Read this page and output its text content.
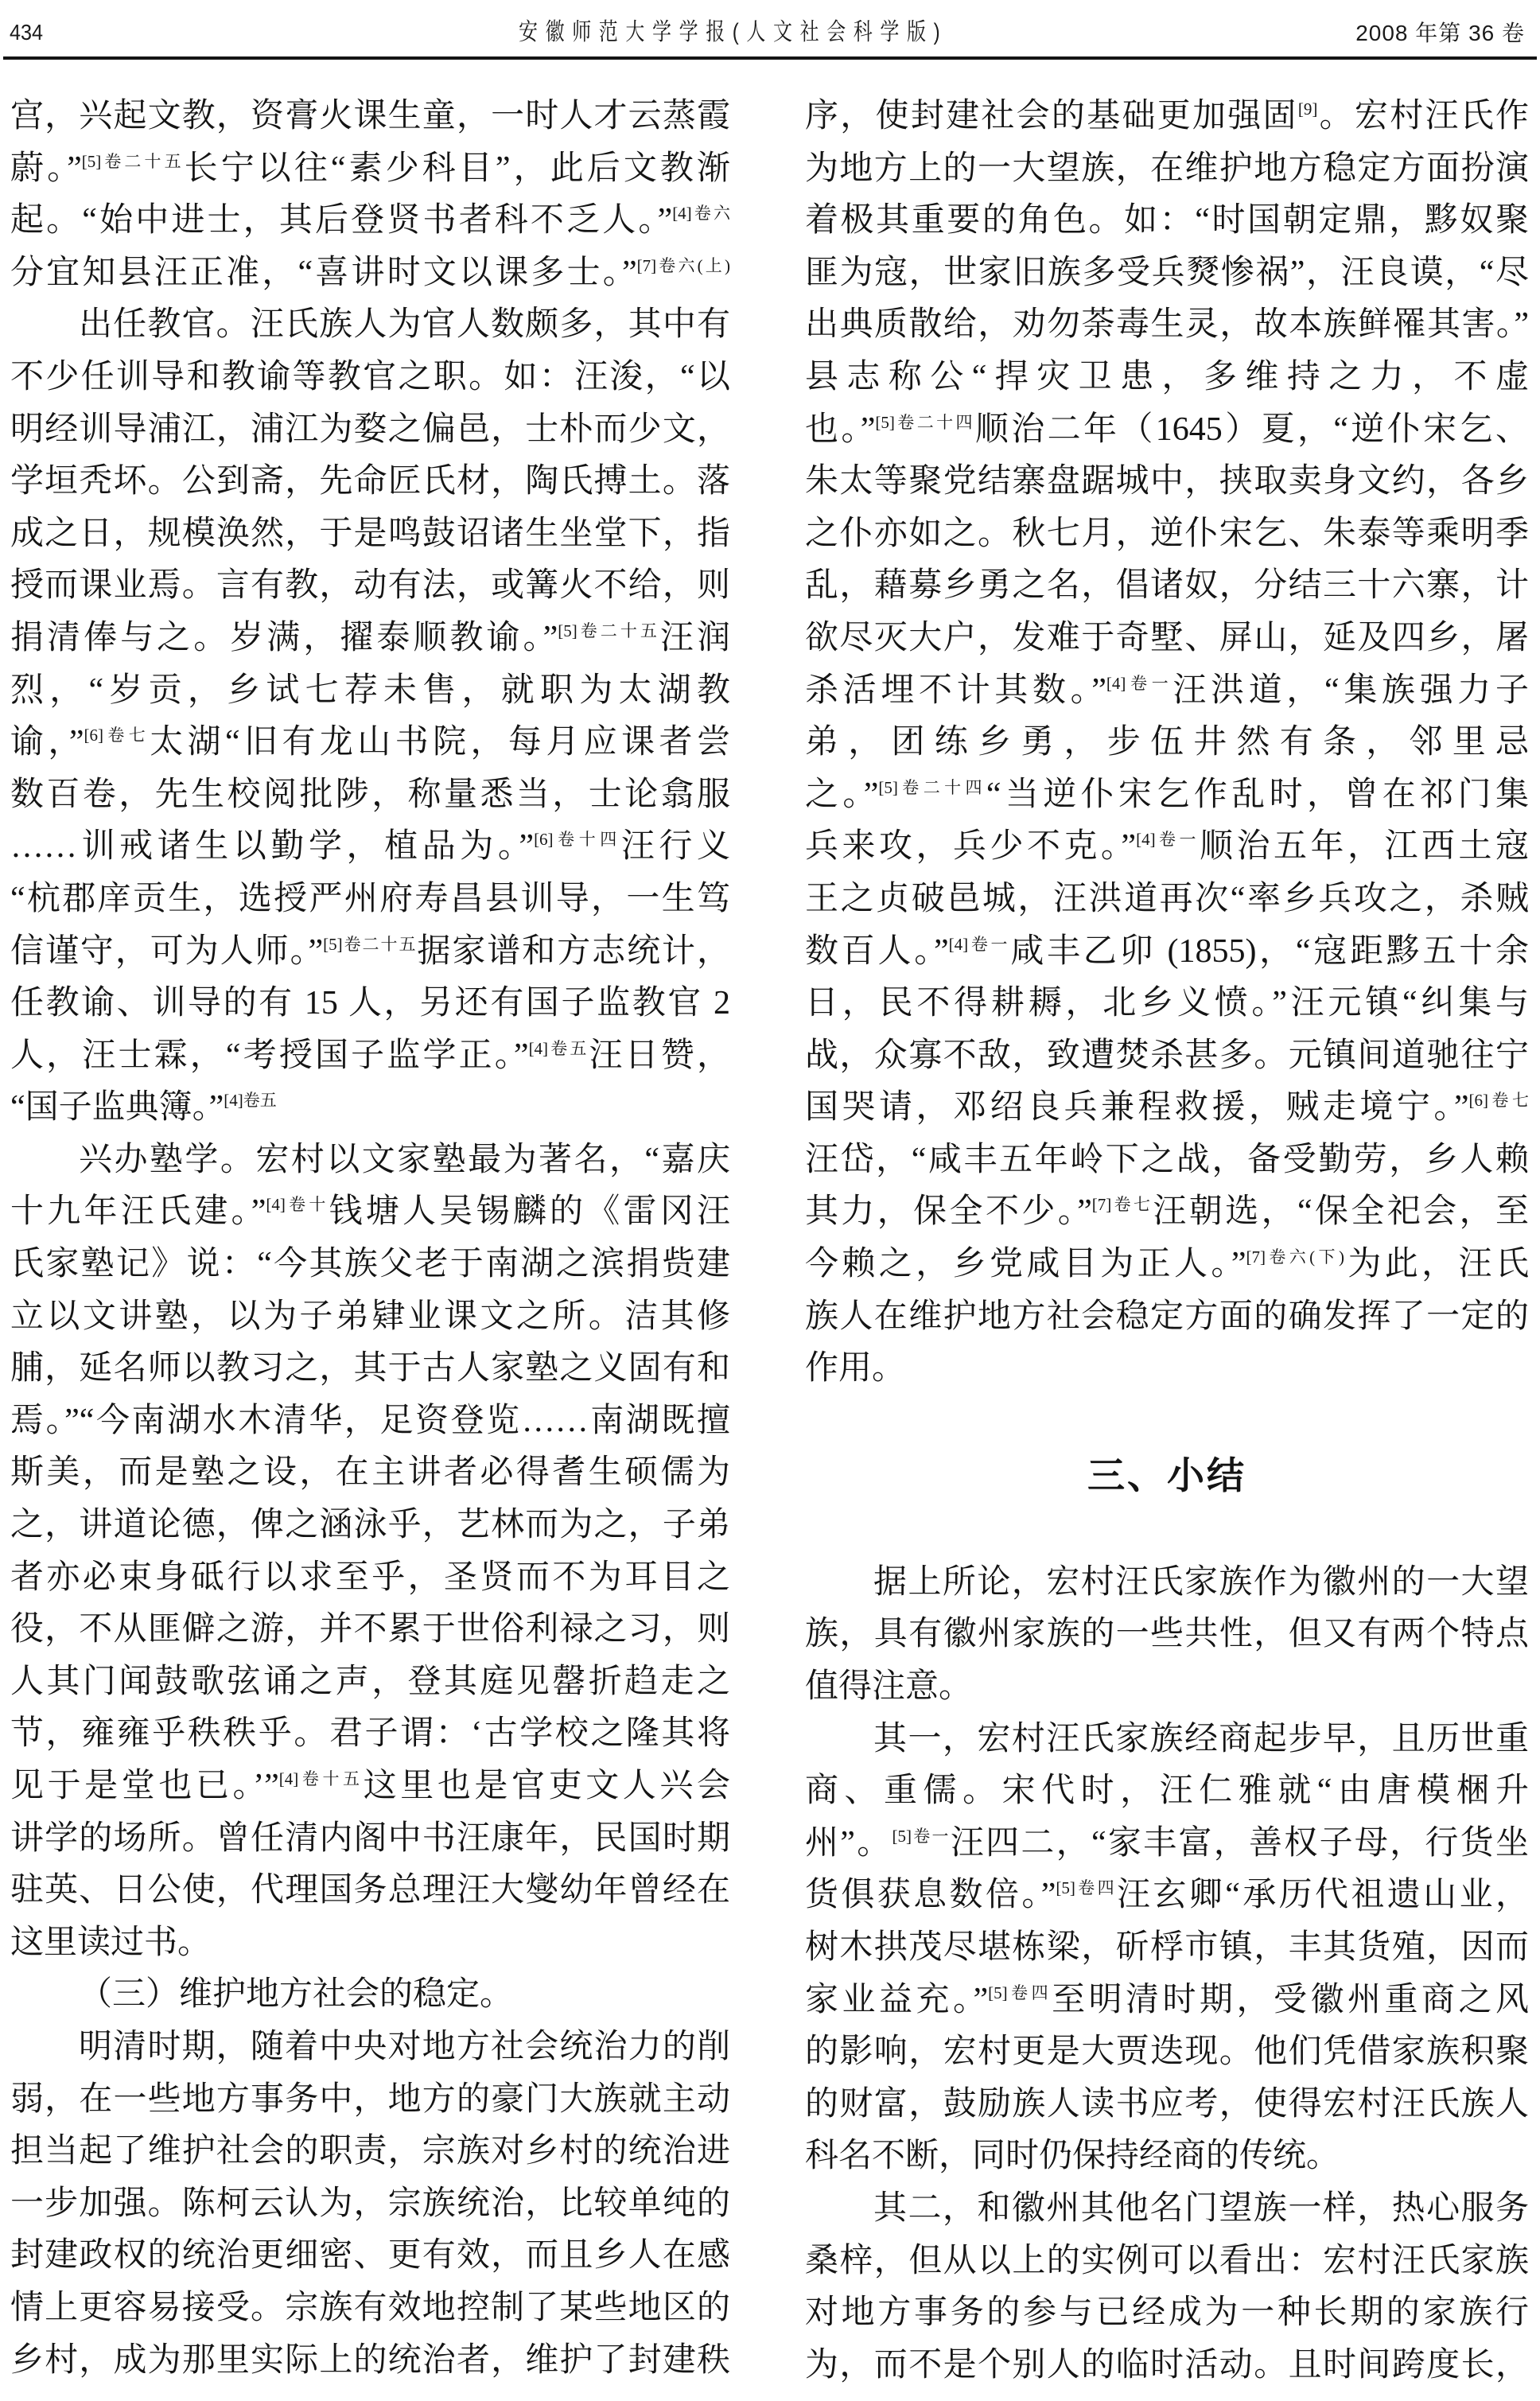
434	安徽师范大学学报(人文社会科学版)	2008 年第 36 卷
宫，兴起文教，资膏火课生童，一时人才云蒸霞
蔚。”$^{[5]卷二十五}$长宁以往“素少科目”，此后文教渐
起。“始中进士，其后登贤书者科不乏人。”$^{[4]卷六}$
分宜知县汪正准，“喜讲时文以课多士。”$^{[7]卷六(上)}$
出任教官。汪氏族人为官人数颇多，其中有
不少任训导和教谕等教官之职。如：汪浚，“以
明经训导浦江，浦江为婺之偏邑，士朴而少文，
学垣秃坏。公到斋，先命匠氏材，陶氏搏土。落
成之日，规模涣然，于是鸣鼓诏诸生坐堂下，指
授而课业焉。言有教，动有法，或篝火不给，则
捐清俸与之。岁满，擢泰顺教谕。”$^{[5]卷二十五}$汪润
烈，“岁贡，乡试七荐未售，就职为太湖教
谕，”$^{[6]卷七}$太湖“旧有龙山书院，每月应课者尝
数百卷，先生校阅批陟，称量悉当，士论翕服
……训戒诸生以勤学，植品为。”$^{[6]卷十四}$汪行义
“杭郡庠贡生，选授严州府寿昌县训导，一生笃
信谨守，可为人师。”$^{[5]卷二十五}$据家谱和方志统计，
任教谕、训导的有 15 人，另还有国子监教官 2
人，汪士霖，“考授国子监学正。”$^{[4]卷五}$汪日赞，
“国子监典簿。”$^{[4]卷五}$
兴办塾学。宏村以文家塾最为著名，“嘉庆
十九年汪氏建。”$^{[4]卷十}$钱塘人吴锡麟的《雷冈汪
氏家塾记》说：“今其族父老于南湖之滨捐赀建
立以文讲塾，以为子弟肄业课文之所。洁其修
脯，延名师以教习之，其于古人家塾之义固有和
焉。”“今南湖水木清华，足资登览……南湖既擅
斯美，而是塾之设，在主讲者必得耆生硕儒为
之，讲道论德，俾之涵泳乎，艺林而为之，子弟
者亦必束身砥行以求至乎，圣贤而不为耳目之
役，不从匪僻之游，并不累于世俗利禄之习，则
人其门闻鼓歌弦诵之声，登其庭见罄折趋走之
节，雍雍乎秩秩乎。君子谓：‘古学校之隆其将
见于是堂也已。’”$^{[4]卷十五}$这里也是官吏文人兴会
讲学的场所。曾任清内阁中书汪康年，民国时期
驻英、日公使，代理国务总理汪大燮幼年曾经在
这里读过书。
（三）维护地方社会的稳定。
明清时期，随着中央对地方社会统治力的削
弱，在一些地方事务中，地方的豪门大族就主动
担当起了维护社会的职责，宗族对乡村的统治进
一步加强。陈柯云认为，宗族统治，比较单纯的
封建政权的统治更细密、更有效，而且乡人在感
情上更容易接受。宗族有效地控制了某些地区的
乡村，成为那里实际上的统治者，维护了封建秩
序，使封建社会的基础更加强固[9]。宏村汪氏作
为地方上的一大望族，在维护地方稳定方面扮演
着极其重要的角色。如：“时国朝定鼎，黟奴聚
匪为寇，世家旧族多受兵燹惨祸”，汪良谟，“尽
出典质散给，劝勿荼毒生灵，故本族鲜罹其害。”
县志称公“捍灾卫患，多维持之力，不虚
也。”$^{[5]卷二十四}$顺治二年（1645）夏，“逆仆宋乞、
朱太等聚党结寨盘踞城中，挟取卖身文约，各乡
之仆亦如之。秋七月，逆仆宋乞、朱泰等乘明季
乱，藉募乡勇之名，倡诸奴，分结三十六寨，计
欲尽灭大户，发难于奇墅、屏山，延及四乡，屠
杀活埋不计其数。”$^{[4]卷一}$汪洪道，“集族强力子
弟，团练乡勇，步伍井然有条，邻里忌
之。”$^{[5]卷二十四}$“当逆仆宋乞作乱时，曾在祁门集
兵来攻，兵少不克。”$^{[4]卷一}$顺治五年，江西土寇
王之贞破邑城，汪洪道再次“率乡兵攻之，杀贼
数百人。”$^{[4]卷一}$咸丰乙卯 (1855)，“寇距黟五十余
日，民不得耕耨，北乡义愤。”汪元镇“纠集与
战，众寡不敌，致遭焚杀甚多。元镇间道驰往宁
国哭请，邓绍良兵兼程救援，贼走境宁。”$^{[6]卷七}$
汪岱，“咸丰五年岭下之战，备受勤劳，乡人赖
其力，保全不少。”$^{[7]卷七}$汪朝选，“保全祀会，至
今赖之，乡党咸目为正人。”$^{[7]卷六(下)}$为此，汪氏
族人在维护地方社会稳定方面的确发挥了一定的
作用。
三、小结
据上所论，宏村汪氏家族作为徽州的一大望
族，具有徽州家族的一些共性，但又有两个特点
值得注意。
其一，宏村汪氏家族经商起步早，且历世重
商、重儒。宋代时，汪仁雅就“由唐模梱升
州”。$^{[5]卷一}$汪四二，“家丰富，善权子母，行货坐
货俱获息数倍。”$^{[5]卷四}$汪玄卿“承历代祖遗山业，
树木拱茂尽堪栋梁，斫桴市镇，丰其货殖，因而
家业益充。”$^{[5]卷四}$至明清时期，受徽州重商之风
的影响，宏村更是大贾迭现。他们凭借家族积聚
的财富，鼓励族人读书应考，使得宏村汪氏族人
科名不断，同时仍保持经商的传统。
其二，和徽州其他名门望族一样，热心服务
桑梓，但从以上的实例可以看出：宏村汪氏家族
对地方事务的参与已经成为一种长期的家族行
为，而不是个别人的临时活动。且时间跨度长，
